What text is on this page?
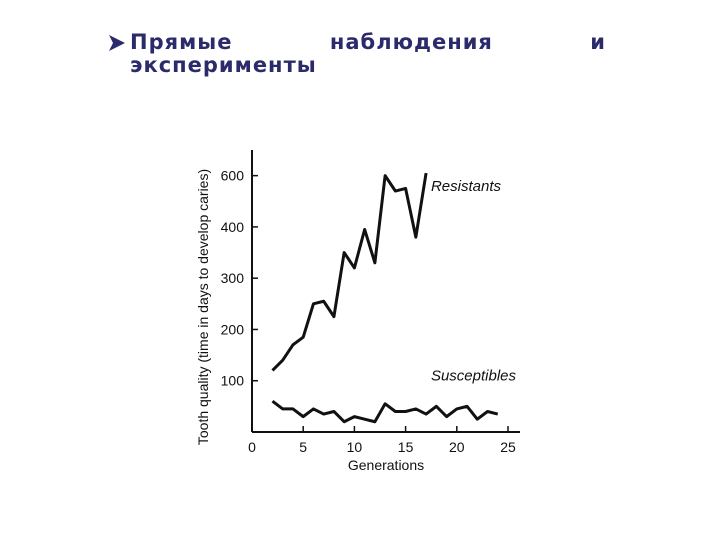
Прямые	наблюдения	и
эксперименты
100
200
300
400
600
0	5	10	15	20	25
Generations
Tooth quality (time in days to develop caries)	Resistants
Susceptibles
